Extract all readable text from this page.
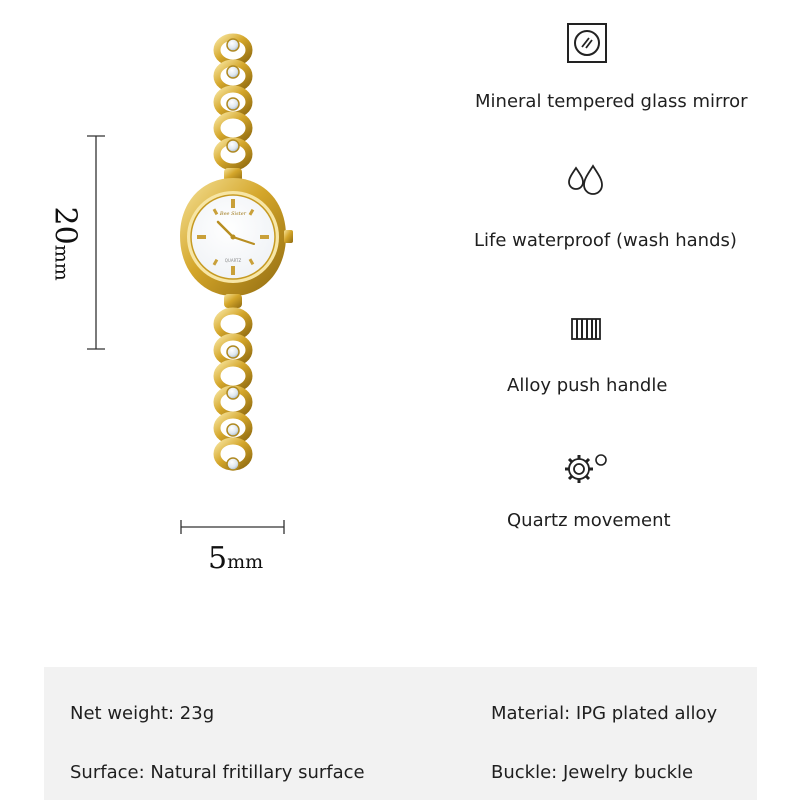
Bee Sister
QUARTZ
20mm
5mm
Mineral tempered glass mirror
Life waterproof (wash hands)
Alloy push handle
Quartz movement
Net weight: 23g	Material: IPG plated alloy
Surface: Natural fritillary surface	Buckle: Jewelry buckle
